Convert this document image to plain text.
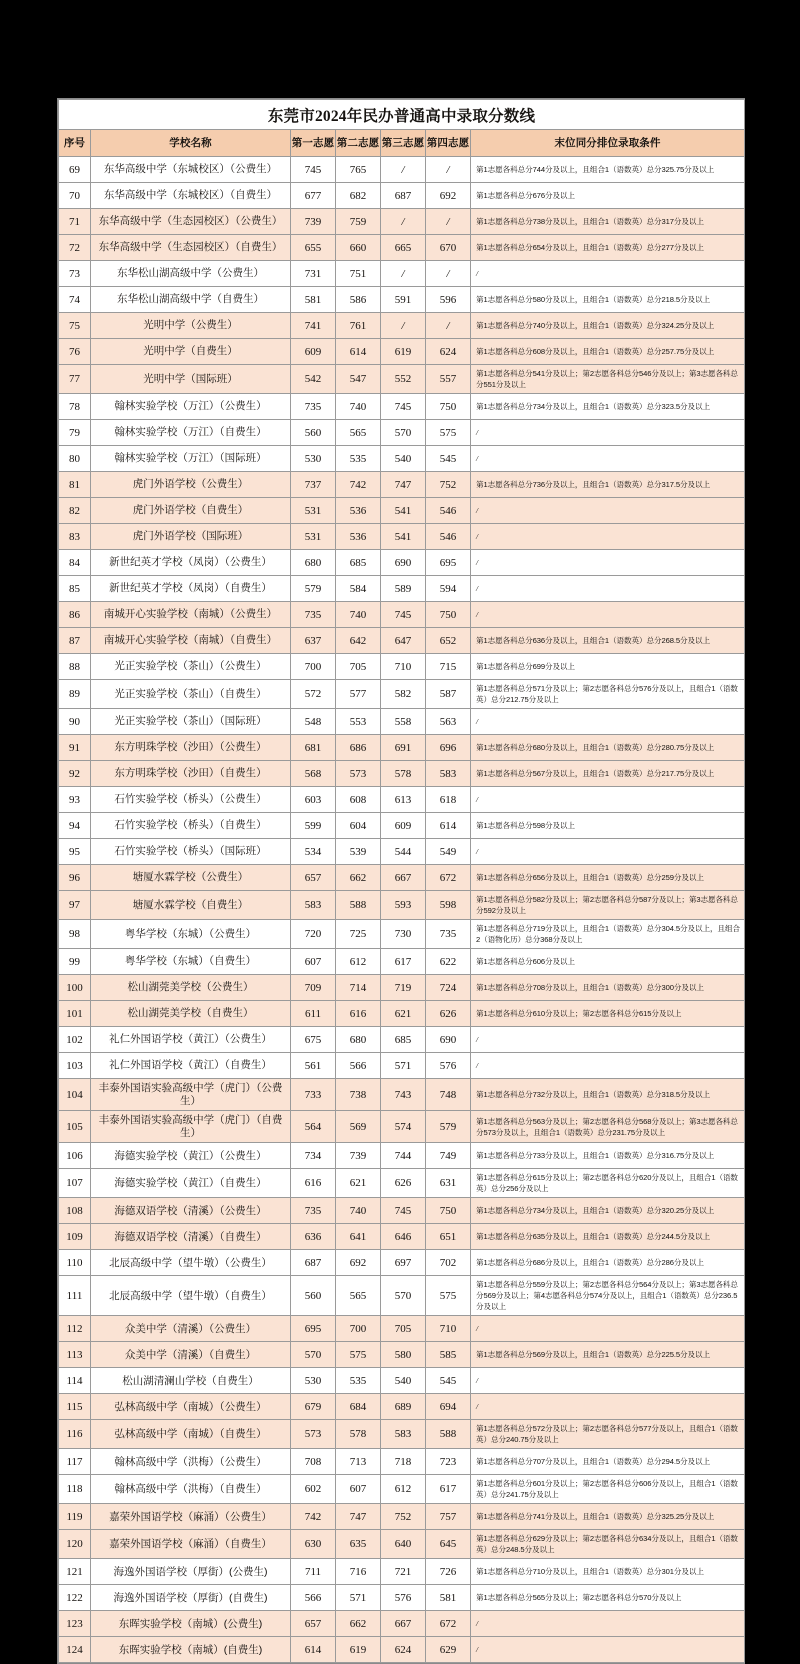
东莞市2024年民办普通高中录取分数线						
序号	学校名称	第一志愿	第二志愿	第三志愿	第四志愿	末位同分排位录取条件
69	东华高级中学（东城校区）（公费生）	745	765	/	/	第1志愿各科总分744分及以上，且组合1（语数英）总分325.75分及以上
70	东华高级中学（东城校区）（自费生）	677	682	687	692	第1志愿各科总分676分及以上
71	东华高级中学（生态园校区）（公费生）	739	759	/	/	第1志愿各科总分738分及以上，且组合1（语数英）总分317分及以上
72	东华高级中学（生态园校区）（自费生）	655	660	665	670	第1志愿各科总分654分及以上，且组合1（语数英）总分277分及以上
73	东华松山湖高级中学（公费生）	731	751	/	/	/
74	东华松山湖高级中学（自费生）	581	586	591	596	第1志愿各科总分580分及以上，且组合1（语数英）总分218.5分及以上
75	光明中学（公费生）	741	761	/	/	第1志愿各科总分740分及以上，且组合1（语数英）总分324.25分及以上
76	光明中学（自费生）	609	614	619	624	第1志愿各科总分608分及以上，且组合1（语数英）总分257.75分及以上
77	光明中学（国际班）	542	547	552	557	第1志愿各科总分541分及以上；第2志愿各科总分546分及以上；第3志愿各科总分551分及以上
78	翰林实验学校（万江）（公费生）	735	740	745	750	第1志愿各科总分734分及以上，且组合1（语数英）总分323.5分及以上
79	翰林实验学校（万江）（自费生）	560	565	570	575	/
80	翰林实验学校（万江）（国际班）	530	535	540	545	/
81	虎门外语学校（公费生）	737	742	747	752	第1志愿各科总分736分及以上，且组合1（语数英）总分317.5分及以上
82	虎门外语学校（自费生）	531	536	541	546	/
83	虎门外语学校（国际班）	531	536	541	546	/
84	新世纪英才学校（凤岗）（公费生）	680	685	690	695	/
85	新世纪英才学校（凤岗）（自费生）	579	584	589	594	/
86	南城开心实验学校（南城）（公费生）	735	740	745	750	/
87	南城开心实验学校（南城）（自费生）	637	642	647	652	第1志愿各科总分636分及以上，且组合1（语数英）总分268.5分及以上
88	光正实验学校（茶山）（公费生）	700	705	710	715	第1志愿各科总分699分及以上
89	光正实验学校（茶山）（自费生）	572	577	582	587	第1志愿各科总分571分及以上；第2志愿各科总分576分及以上，且组合1（语数英）总分212.75分及以上
90	光正实验学校（茶山）（国际班）	548	553	558	563	/
91	东方明珠学校（沙田）（公费生）	681	686	691	696	第1志愿各科总分680分及以上，且组合1（语数英）总分280.75分及以上
92	东方明珠学校（沙田）（自费生）	568	573	578	583	第1志愿各科总分567分及以上，且组合1（语数英）总分217.75分及以上
93	石竹实验学校（桥头）（公费生）	603	608	613	618	/
94	石竹实验学校（桥头）（自费生）	599	604	609	614	第1志愿各科总分598分及以上
95	石竹实验学校（桥头）（国际班）	534	539	544	549	/
96	塘厦水霖学校（公费生）	657	662	667	672	第1志愿各科总分656分及以上，且组合1（语数英）总分259分及以上
97	塘厦水霖学校（自费生）	583	588	593	598	第1志愿各科总分582分及以上；第2志愿各科总分587分及以上；第3志愿各科总分592分及以上
98	粤华学校（东城）（公费生）	720	725	730	735	第1志愿各科总分719分及以上，且组合1（语数英）总分304.5分及以上，且组合2（语物化历）总分368分及以上
99	粤华学校（东城）（自费生）	607	612	617	622	第1志愿各科总分606分及以上
100	松山湖莞美学校（公费生）	709	714	719	724	第1志愿各科总分708分及以上，且组合1（语数英）总分300分及以上
101	松山湖莞美学校（自费生）	611	616	621	626	第1志愿各科总分610分及以上；第2志愿各科总分615分及以上
102	礼仁外国语学校（黄江）（公费生）	675	680	685	690	/
103	礼仁外国语学校（黄江）（自费生）	561	566	571	576	/
104	丰泰外国语实验高级中学（虎门）（公费生）	733	738	743	748	第1志愿各科总分732分及以上，且组合1（语数英）总分318.5分及以上
105	丰泰外国语实验高级中学（虎门）（自费生）	564	569	574	579	第1志愿各科总分563分及以上；第2志愿各科总分568分及以上；第3志愿各科总分573分及以上，且组合1（语数英）总分231.75分及以上
106	海德实验学校（黄江）（公费生）	734	739	744	749	第1志愿各科总分733分及以上，且组合1（语数英）总分316.75分及以上
107	海德实验学校（黄江）（自费生）	616	621	626	631	第1志愿各科总分615分及以上；第2志愿各科总分620分及以上，且组合1（语数英）总分256分及以上
108	海德双语学校（清溪）（公费生）	735	740	745	750	第1志愿各科总分734分及以上，且组合1（语数英）总分320.25分及以上
109	海德双语学校（清溪）（自费生）	636	641	646	651	第1志愿各科总分635分及以上，且组合1（语数英）总分244.5分及以上
110	北辰高级中学（望牛墩）（公费生）	687	692	697	702	第1志愿各科总分686分及以上，且组合1（语数英）总分286分及以上
111	北辰高级中学（望牛墩）（自费生）	560	565	570	575	第1志愿各科总分559分及以上；第2志愿各科总分564分及以上；第3志愿各科总分569分及以上；第4志愿各科总分574分及以上，且组合1（语数英）总分236.5分及以上
112	众美中学（清溪）（公费生）	695	700	705	710	/
113	众美中学（清溪）（自费生）	570	575	580	585	第1志愿各科总分569分及以上，且组合1（语数英）总分225.5分及以上
114	松山湖清澜山学校（自费生）	530	535	540	545	/
115	弘林高级中学（南城）（公费生）	679	684	689	694	/
116	弘林高级中学（南城）（自费生）	573	578	583	588	第1志愿各科总分572分及以上；第2志愿各科总分577分及以上，且组合1（语数英）总分240.75分及以上
117	翰林高级中学（洪梅）（公费生）	708	713	718	723	第1志愿各科总分707分及以上，且组合1（语数英）总分294.5分及以上
118	翰林高级中学（洪梅）（自费生）	602	607	612	617	第1志愿各科总分601分及以上；第2志愿各科总分606分及以上，且组合1（语数英）总分241.75分及以上
119	嘉荣外国语学校（麻涌）（公费生）	742	747	752	757	第1志愿各科总分741分及以上，且组合1（语数英）总分325.25分及以上
120	嘉荣外国语学校（麻涌）（自费生）	630	635	640	645	第1志愿各科总分629分及以上；第2志愿各科总分634分及以上，且组合1（语数英）总分248.5分及以上
121	海逸外国语学校（厚街）(公费生)	711	716	721	726	第1志愿各科总分710分及以上，且组合1（语数英）总分301分及以上
122	海逸外国语学校（厚街）(自费生)	566	571	576	581	第1志愿各科总分565分及以上；第2志愿各科总分570分及以上
123	东晖实验学校（南城）(公费生)	657	662	667	672	/
124	东晖实验学校（南城）(自费生)	614	619	624	629	/
